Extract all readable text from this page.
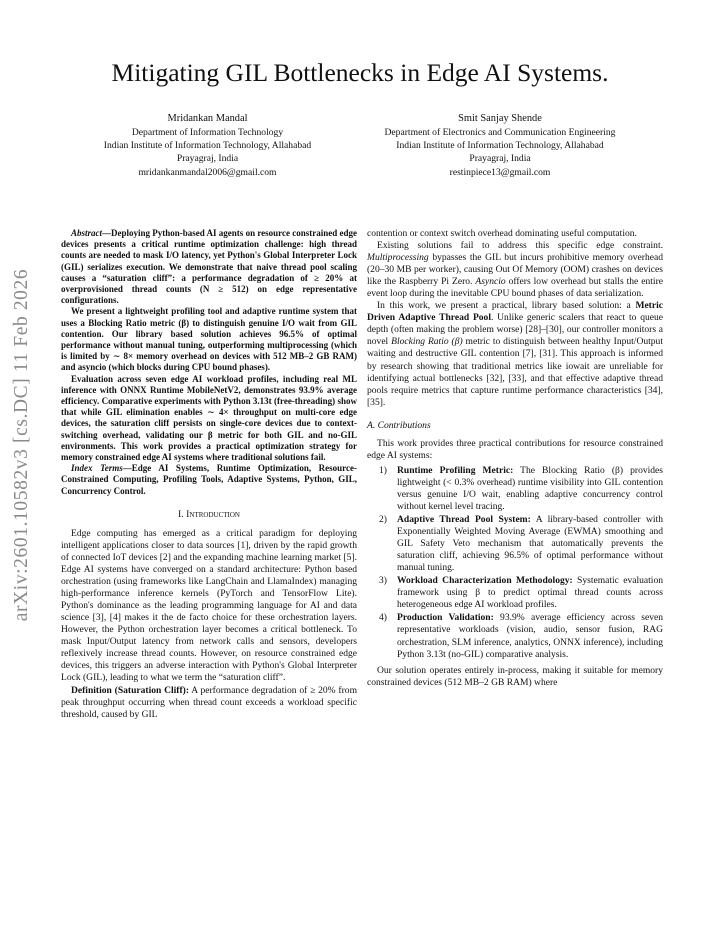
arXiv:2601.10582v3 [cs.DC] 11 Feb 2026
Mitigating GIL Bottlenecks in Edge AI Systems.
Mridankan Mandal
Department of Information Technology
Indian Institute of Information Technology, Allahabad
Prayagraj, India
mridankanmandal2006@gmail.com
Smit Sanjay Shende
Department of Electronics and Communication Engineering
Indian Institute of Information Technology, Allahabad
Prayagraj, India
restinpiece13@gmail.com

Abstract—Deploying Python-based AI agents on resource constrained edge devices presents a critical runtime optimization challenge: high thread counts are needed to mask I/O latency, yet Python's Global Interpreter Lock (GIL) serializes execution. We demonstrate that naive thread pool scaling causes a “saturation cliff”: a performance degradation of ≥ 20% at overprovisioned thread counts (N ≥ 512) on edge representative configurations.

We present a lightweight profiling tool and adaptive runtime system that uses a Blocking Ratio metric (β) to distinguish genuine I/O wait from GIL contention. Our library based solution achieves 96.5% of optimal performance without manual tuning, outperforming multiprocessing (which is limited by ∼ 8× memory overhead on devices with 512 MB–2 GB RAM) and asyncio (which blocks during CPU bound phases).

Evaluation across seven edge AI workload profiles, including real ML inference with ONNX Runtime MobileNetV2, demonstrates 93.9% average efficiency. Comparative experiments with Python 3.13t (free-threading) show that while GIL elimination enables ∼ 4× throughput on multi-core edge devices, the saturation cliff persists on single-core devices due to context-switching overhead, validating our β metric for both GIL and no-GIL environments. This work provides a practical optimization strategy for memory constrained edge AI systems where traditional solutions fail.

Index Terms—Edge AI Systems, Runtime Optimization, Resource-Constrained Computing, Profiling Tools, Adaptive Systems, Python, GIL, Concurrency Control.

I. Introduction

Edge computing has emerged as a critical paradigm for deploying intelligent applications closer to data sources [1], driven by the rapid growth of connected IoT devices [2] and the expanding machine learning market [5]. Edge AI systems have converged on a standard architecture: Python based orchestration (using frameworks like LangChain and LlamaIndex) managing high-performance inference kernels (PyTorch and TensorFlow Lite). Python's dominance as the leading programming language for AI and data science [3], [4] makes it the de facto choice for these orchestration layers. However, the Python orchestration layer becomes a critical bottleneck. To mask Input/Output latency from network calls and sensors, developers reflexively increase thread counts. However, on resource constrained edge devices, this triggers an adverse interaction with Python's Global Interpreter Lock (GIL), leading to what we term the “saturation cliff”.

Definition (Saturation Cliff): A performance degradation of ≥ 20% from peak throughput occurring when thread count exceeds a workload specific threshold, caused by GIL

contention or context switch overhead dominating useful computation.

Existing solutions fail to address this specific edge constraint. Multiprocessing bypasses the GIL but incurs prohibitive memory overhead (20–30 MB per worker), causing Out Of Memory (OOM) crashes on devices like the Raspberry Pi Zero. Asyncio offers low overhead but stalls the entire event loop during the inevitable CPU bound phases of data serialization.

In this work, we present a practical, library based solution: a Metric Driven Adaptive Thread Pool. Unlike generic scalers that react to queue depth (often making the problem worse) [28]–[30], our controller monitors a novel Blocking Ratio (β) metric to distinguish between healthy Input/Output waiting and destructive GIL contention [7], [31]. This approach is informed by research showing that traditional metrics like iowait are unreliable for identifying actual bottlenecks [32], [33], and that effective adaptive thread pools require metrics that capture runtime performance characteristics [34], [35].

A. Contributions

This work provides three practical contributions for resource constrained edge AI systems:

1) Runtime Profiling Metric: The Blocking Ratio (β) provides lightweight (< 0.3% overhead) runtime visibility into GIL contention versus genuine I/O wait, enabling adaptive concurrency control without kernel level tracing.
2) Adaptive Thread Pool System: A library-based controller with Exponentially Weighted Moving Average (EWMA) smoothing and GIL Safety Veto mechanism that automatically prevents the saturation cliff, achieving 96.5% of optimal performance without manual tuning.
3) Workload Characterization Methodology: Systematic evaluation framework using β to predict optimal thread counts across heterogeneous edge AI workload profiles.
4) Production Validation: 93.9% average efficiency across seven representative workloads (vision, audio, sensor fusion, RAG orchestration, SLM inference, analytics, ONNX inference), including Python 3.13t (no-GIL) comparative analysis.

Our solution operates entirely in-process, making it suitable for memory constrained devices (512 MB–2 GB RAM) where
